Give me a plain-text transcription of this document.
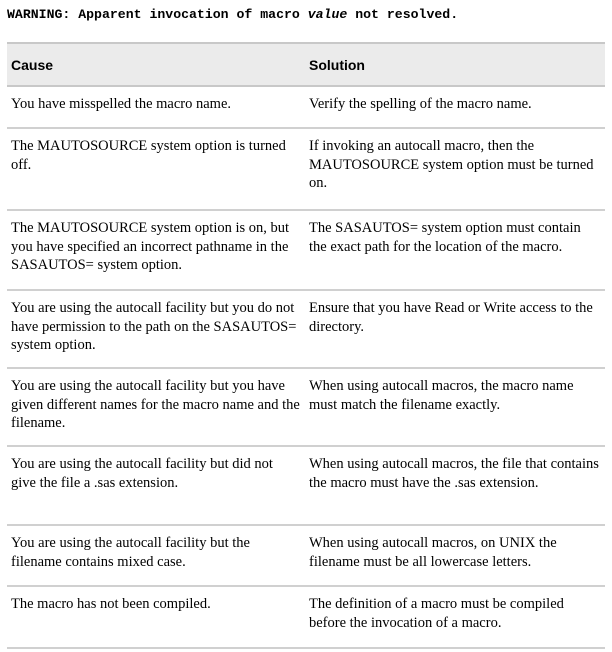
WARNING: Apparent invocation of macro value not resolved.
Cause	Solution
You have misspelled the macro name.	Verify the spelling of the macro name.
The MAUTOSOURCE system option is turned off.	If invoking an autocall macro, then the MAUTOSOURCE system option must be turned on.
The MAUTOSOURCE system option is on, but you have specified an incorrect pathname in the SASAUTOS= system option.	The SASAUTOS= system option must contain the exact path for the location of the macro.
You are using the autocall facility but you do not have permission to the path on the SASAUTOS= system option.	Ensure that you have Read or Write access to the directory.
You are using the autocall facility but you have given different names for the macro name and the filename.	When using autocall macros, the macro name must match the filename exactly.
You are using the autocall facility but did not give the file a .sas extension.	When using autocall macros, the file that contains the macro must have the .sas extension.
You are using the autocall facility but the filename contains mixed case.	When using autocall macros, on UNIX the filename must be all lowercase letters.
The macro has not been compiled.	The definition of a macro must be compiled before the invocation of a macro.
